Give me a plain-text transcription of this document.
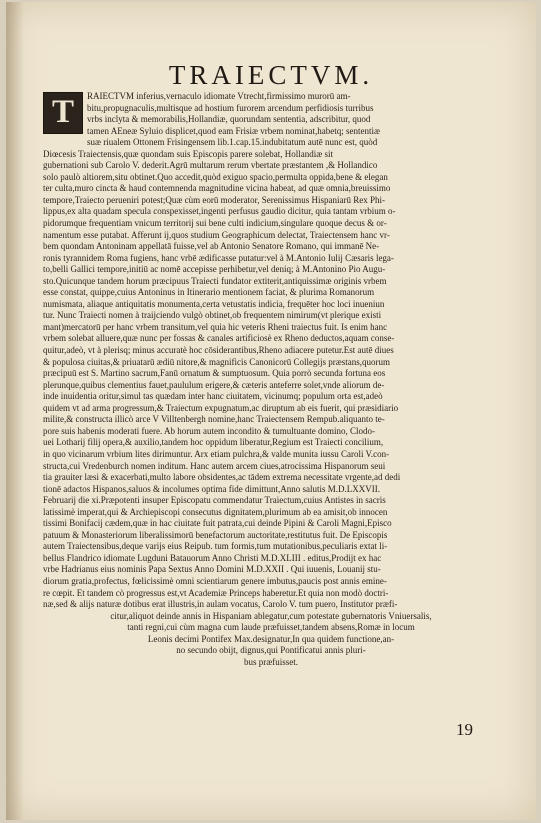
TRAIECTVM.
T	RAIECTVM inferius,vernaculo idiomate Vtrecht,firmissimo murorū am-
bitu,propugnaculis,multisque ad hostium furorem arcendum perfidiosis turribus
vrbs inclyta & memorabilis,Hollandiæ, quorundam sententia, adscribitur, quod
tamen AEneæ Syluio displicet,quod eam Frisiæ vrbem nominat,habetq; sententiæ
suæ riualem Ottonem Frisingensem lib.1.cap.15.indubitatum autē nunc est, quòd
Diœcesis Traiectensis,quæ quondam suis Episcopis parere solebat, Hollandiæ sit
gubernationi sub Carolo V. dederit.Agrū multarum rerum vbertate præstantem ,& Hollandico
solo paulò altiorem,situ obtinet.Quo accedit,quòd exiguo spacio,permulta oppida,bene & elegan
ter culta,muro cincta & haud contemnenda magnitudine vicina habeat, ad quæ omnia,breuissimo
tempore,Traiecto perueniri potest;Quæ cùm eorū moderator, Serenissimus Hispaniarū Rex Phi-
lippus,ex alta quadam specula conspexisset,ingenti perfusus gaudio dicitur, quia tantam vrbium o-
pidorumque frequentiam vnicum territorij sui bene culti indicium,singulare quoque decus & or-
namentum esse putabat. Afferunt ij,quos studium Geographicum delectat, Traiectensem hanc vr-
bem quondam Antoninam appellatā fuisse,vel ab Antonio Senatore Romano, qui immanē Ne-
ronis tyrannidem Roma fugiens, hanc vrbē ædificasse putatur:vel à M.Antonio Iulij Cæsaris lega-
to,belli Gallici tempore,initiū ac nomē accepisse perhibetur,vel deniq; à M.Antonino Pio Augu-
sto.Quicunque tandem horum præcipuus Traiecti fundator extiterit,antiquissimæ originis vrbem
esse constat, quippe,cuius Antoninus in Itinerario mentionem faciat, & plurima Romanorum
numismata, aliaque antiquitatis monumenta,certa vetustatis indicia, frequēter hoc loci inueniun
tur. Nunc Traiecti nomen à traijciendo vulgò obtinet,ob frequentem nimirum(vt plerique existi
mant)mercatorū per hanc vrbem transitum,vel quia hic veteris Rheni traiectus fuit. Is enim hanc
vrbem solebat alluere,quæ nunc per fossas & canales artificiosè ex Rheno deductos,aquam conse-
quitur,adeò, vt à plerisq; minus accuratè hoc cōsiderantibus,Rheno adiacere putetur.Est autē diues
& populosa ciuitas,& priuatarū ædiū nitore,& magnificis Canonicorū Collegijs præstans,quorum
præcipuū est S. Martino sacrum,Fanū ornatum & sumptuosum. Quia porrò secunda fortuna eos
plerunque,quibus clementius fauet,paululum erigere,& cæteris anteferre solet,vnde aliorum de-
inde inuidentia oritur,simul tas quædam inter hanc ciuitatem, vicinumq; populum orta est,adeò
quidem vt ad arma progressum,& Traiectum expugnatum,ac diruptum ab eis fuerit, qui præsidiario
milite,& constructa illicò arce V Villtenbergh nomine,hanc Traiectensem Rempub.aliquanto te-
pore suis habenis moderati fuere. Ab horum autem incondito & tumultuante domino, Clodo-
uei Lotharij filij opera,& auxilio,tandem hoc oppidum liberatur,Regium est Traiecti concilium,
in quo vicinarum vrbium lites dirimuntur. Arx etiam pulchra,& valde munita iussu Caroli V.con-
structa,cui Vredenburch nomen inditum. Hanc autem arcem ciues,atrocissima Hispanorum seui
tia grauiter læsi & exacerbati,multo labore obsidentes,ac tādem extrema necessitate vrgente,ad dedi
tionē adactos Hispanos,saluos & incolumes optima fide dimittunt,Anno salutis M.D.LXXVII.
Februarij die xi.Præpotenti insuper Episcopatu commendatur Traiectum,cuius Antistes in sacris
latissimè imperat,qui & Archiepiscopi consecutus dignitatem,plurimum ab ea amisit,ob innocen
tissimi Bonifacij cædem,quæ in hac ciuitate fuit patrata,cui deinde Pipini & Caroli Magni,Episco
patuum & Monasteriorum liberalissimorū benefactorum auctoritate,restitutus fuit. De Episcopis
autem Traiectensibus,deque varijs eius Reipub. tum formis,tum mutationibus,peculiaris extat li-
bellus Flandrico idiomate Lugduni Batauorum Anno Christi M.D.XLIII . editus,Prodijt ex hac
vrbe Hadrianus eius nominis Papa Sextus Anno Domini M.D.XXII . Qui iuuenis, Louanij stu-
diorum gratia,profectus, fœlicissimè omni scientiarum genere imbutus,paucis post annis emine-
re cœpit. Et tandem cò progressus est,vt Academiæ Princeps haberetur.Et quia non modò doctri-
næ,sed & alijs naturæ dotibus erat illustris,in aulam vocatus, Carolo V. tum puero, Institutor præfi-
citur,aliquot deinde annis in Hispaniam ablegatur,cum potestate gubernatoris Vniuersalis,
tanti regni,cui cùm magna cum laude præfuisset,tandem absens,Romæ in locum
Leonis decimi Pontifex Max.designatur,In qua quidem functione,an-
no secundo obijt, dignus,qui Pontificatui annis pluri-
bus præfuisset.
19
